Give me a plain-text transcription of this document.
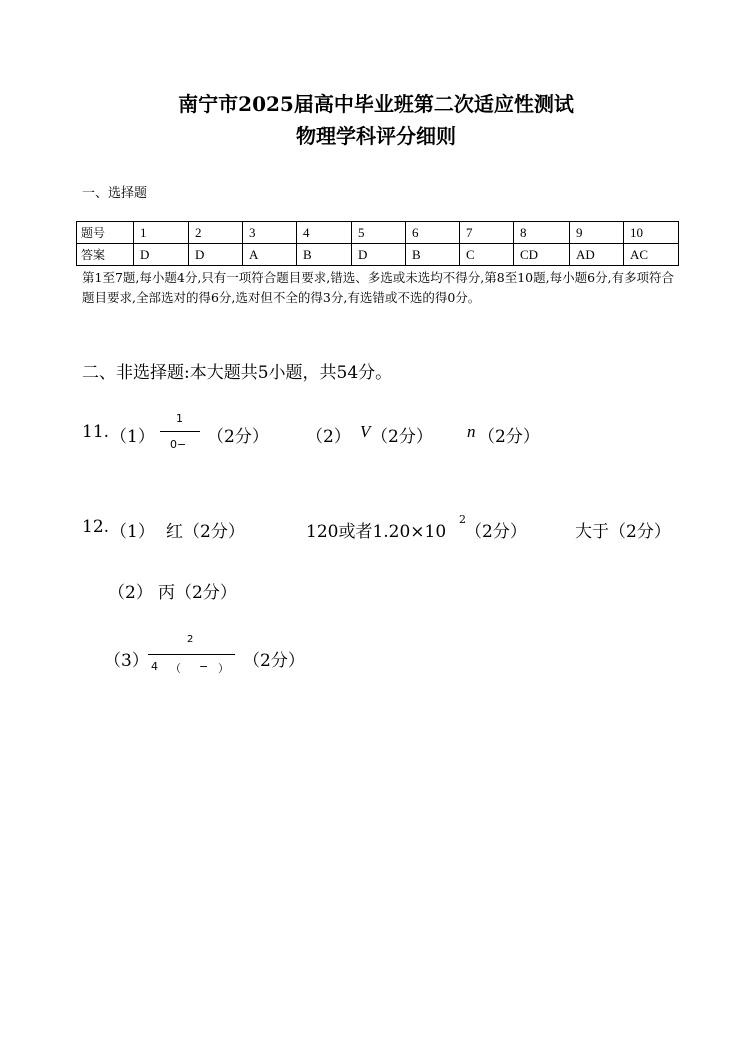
南宁市2025届高中毕业班第二次适应性测试
物理学科评分细则
一、选择题
题号	1	2	3	4	5	6	7	8	9	10
答案	D	D	A	B	D	B	C	CD	AD	AC
第1至7题,每小题4分,只有一项符合题目要求,错选、多选或未选均不得分,第8至10题,每小题6分,有多项符合题目要求,全部选对的得6分,选对但不全的得3分,有选错或不选的得0分。
二、非选择题:本大题共5小题，共54分。
11. （1）
1
0− （2分） （2） V （2分） n （2分）
12. （1） 红 （2分）	120或者1.20×10
2
（2分）	大于 （2分）
（2） 丙 （2分）
（3）
2
4 （ − ） （2分）
